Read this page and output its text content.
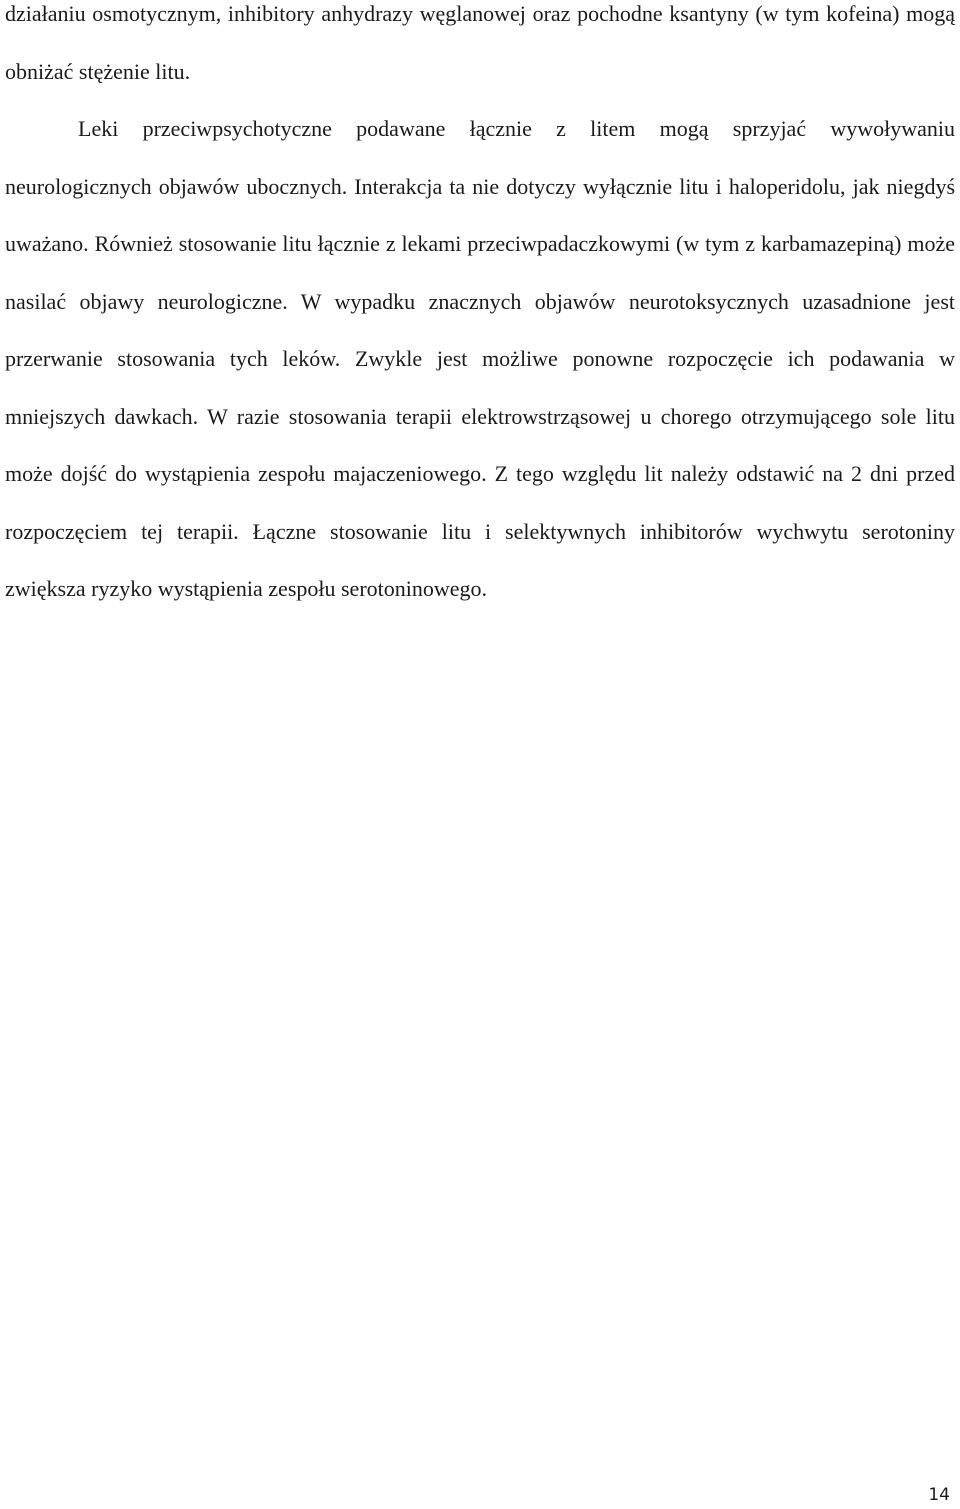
działaniu osmotycznym, inhibitory anhydrazy węglanowej oraz pochodne ksantyny (w tym kofeina) mogą obniżać stężenie litu.

Leki przeciwpsychotyczne podawane łącznie z litem mogą sprzyjać wywoływaniu neurologicznych objawów ubocznych. Interakcja ta nie dotyczy wyłącznie litu i haloperidolu, jak niegdyś uważano. Również stosowanie litu łącznie z lekami przeciwpadaczkowymi (w tym z karbamazepiną) może nasilać objawy neurologiczne. W wypadku znacznych objawów neurotoksycznych uzasadnione jest przerwanie stosowania tych leków. Zwykle jest możliwe ponowne rozpoczęcie ich podawania w mniejszych dawkach. W razie stosowania terapii elektrowstrząsowej u chorego otrzymującego sole litu może dojść do wystąpienia zespołu majaczeniowego. Z tego względu lit należy odstawić na 2 dni przed rozpoczęciem tej terapii. Łączne stosowanie litu i selektywnych inhibitorów wychwytu serotoniny zwiększa ryzyko wystąpienia zespołu serotoninowego.

14
